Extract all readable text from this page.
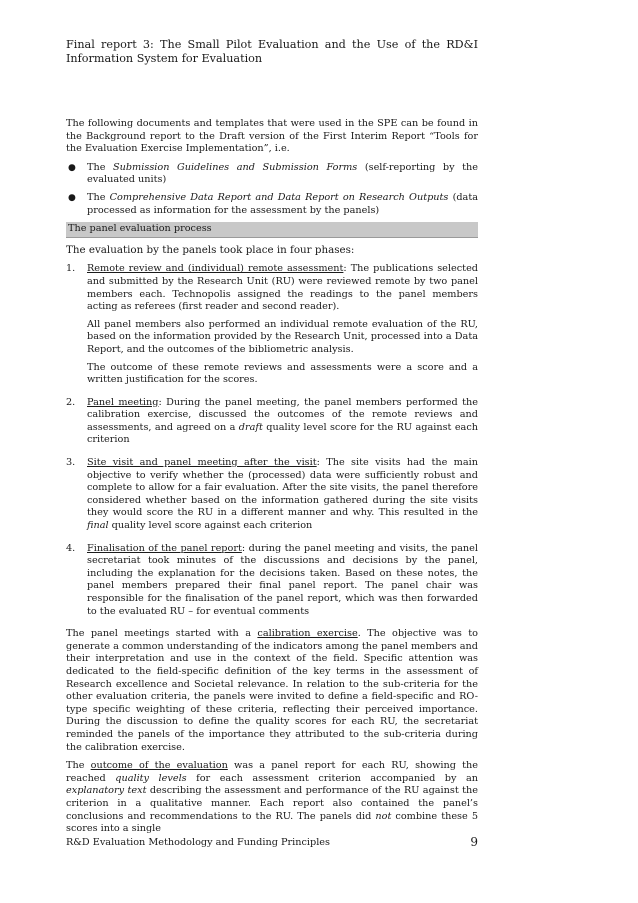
Final report 3: The Small Pilot Evaluation and the Use of the RD&I Information System for Evaluation

The following documents and templates that were used in the SPE can be found in the Background report to the Draft version of the First Interim Report “Tools for the Evaluation Exercise Implementation”, i.e.

●	The Submission Guidelines and Submission Forms (self-reporting by the evaluated units)
●	The Comprehensive Data Report and Data Report on Research Outputs (data processed as information for the assessment by the panels)
The panel evaluation process
The evaluation by the panels took place in four phases:
1.	Remote review and (individual) remote assessment: The publications selected and submitted by the Research Unit (RU) were reviewed remote by two panel members each. Technopolis assigned the readings to the panel members acting as referees (first reader and second reader).

All panel members also performed an individual remote evaluation of the RU, based on the information provided by the Research Unit, processed into a Data Report, and the outcomes of the bibliometric analysis.

The outcome of these remote reviews and assessments were a score and a written justification for the scores.

2.	Panel meeting: During the panel meeting, the panel members performed the calibration exercise, discussed the outcomes of the remote reviews and assessments, and agreed on a draft quality level score for the RU against each criterion

3.	Site visit and panel meeting after the visit: The site visits had the main objective to verify whether the (processed) data were sufficiently robust and complete to allow for a fair evaluation. After the site visits, the panel therefore considered whether based on the information gathered during the site visits they would score the RU in a different manner and why. This resulted in the final quality level score against each criterion

4.	Finalisation of the panel report: during the panel meeting and visits, the panel secretariat took minutes of the discussions and decisions by the panel, including the explanation for the decisions taken. Based on these notes, the panel members prepared their final panel report. The panel chair was responsible for the finalisation of the panel report, which was then forwarded to the evaluated RU – for eventual comments

The panel meetings started with a calibration exercise. The objective was to generate a common understanding of the indicators among the panel members and their interpretation and use in the context of the field. Specific attention was dedicated to the field-specific definition of the key terms in the assessment of Research excellence and Societal relevance. In relation to the sub-criteria for the other evaluation criteria, the panels were invited to define a field-specific and RO-type specific weighting of these criteria, reflecting their perceived importance. During the discussion to define the quality scores for each RU, the secretariat reminded the panels of the importance they attributed to the sub-criteria during the calibration exercise.

The outcome of the evaluation was a panel report for each RU, showing the reached quality levels for each assessment criterion accompanied by an explanatory text describing the assessment and performance of the RU against the criterion in a qualitative manner. Each report also contained the panel’s conclusions and recommendations to the RU. The panels did not combine these 5 scores into a single

R&D Evaluation Methodology and Funding Principles	9
